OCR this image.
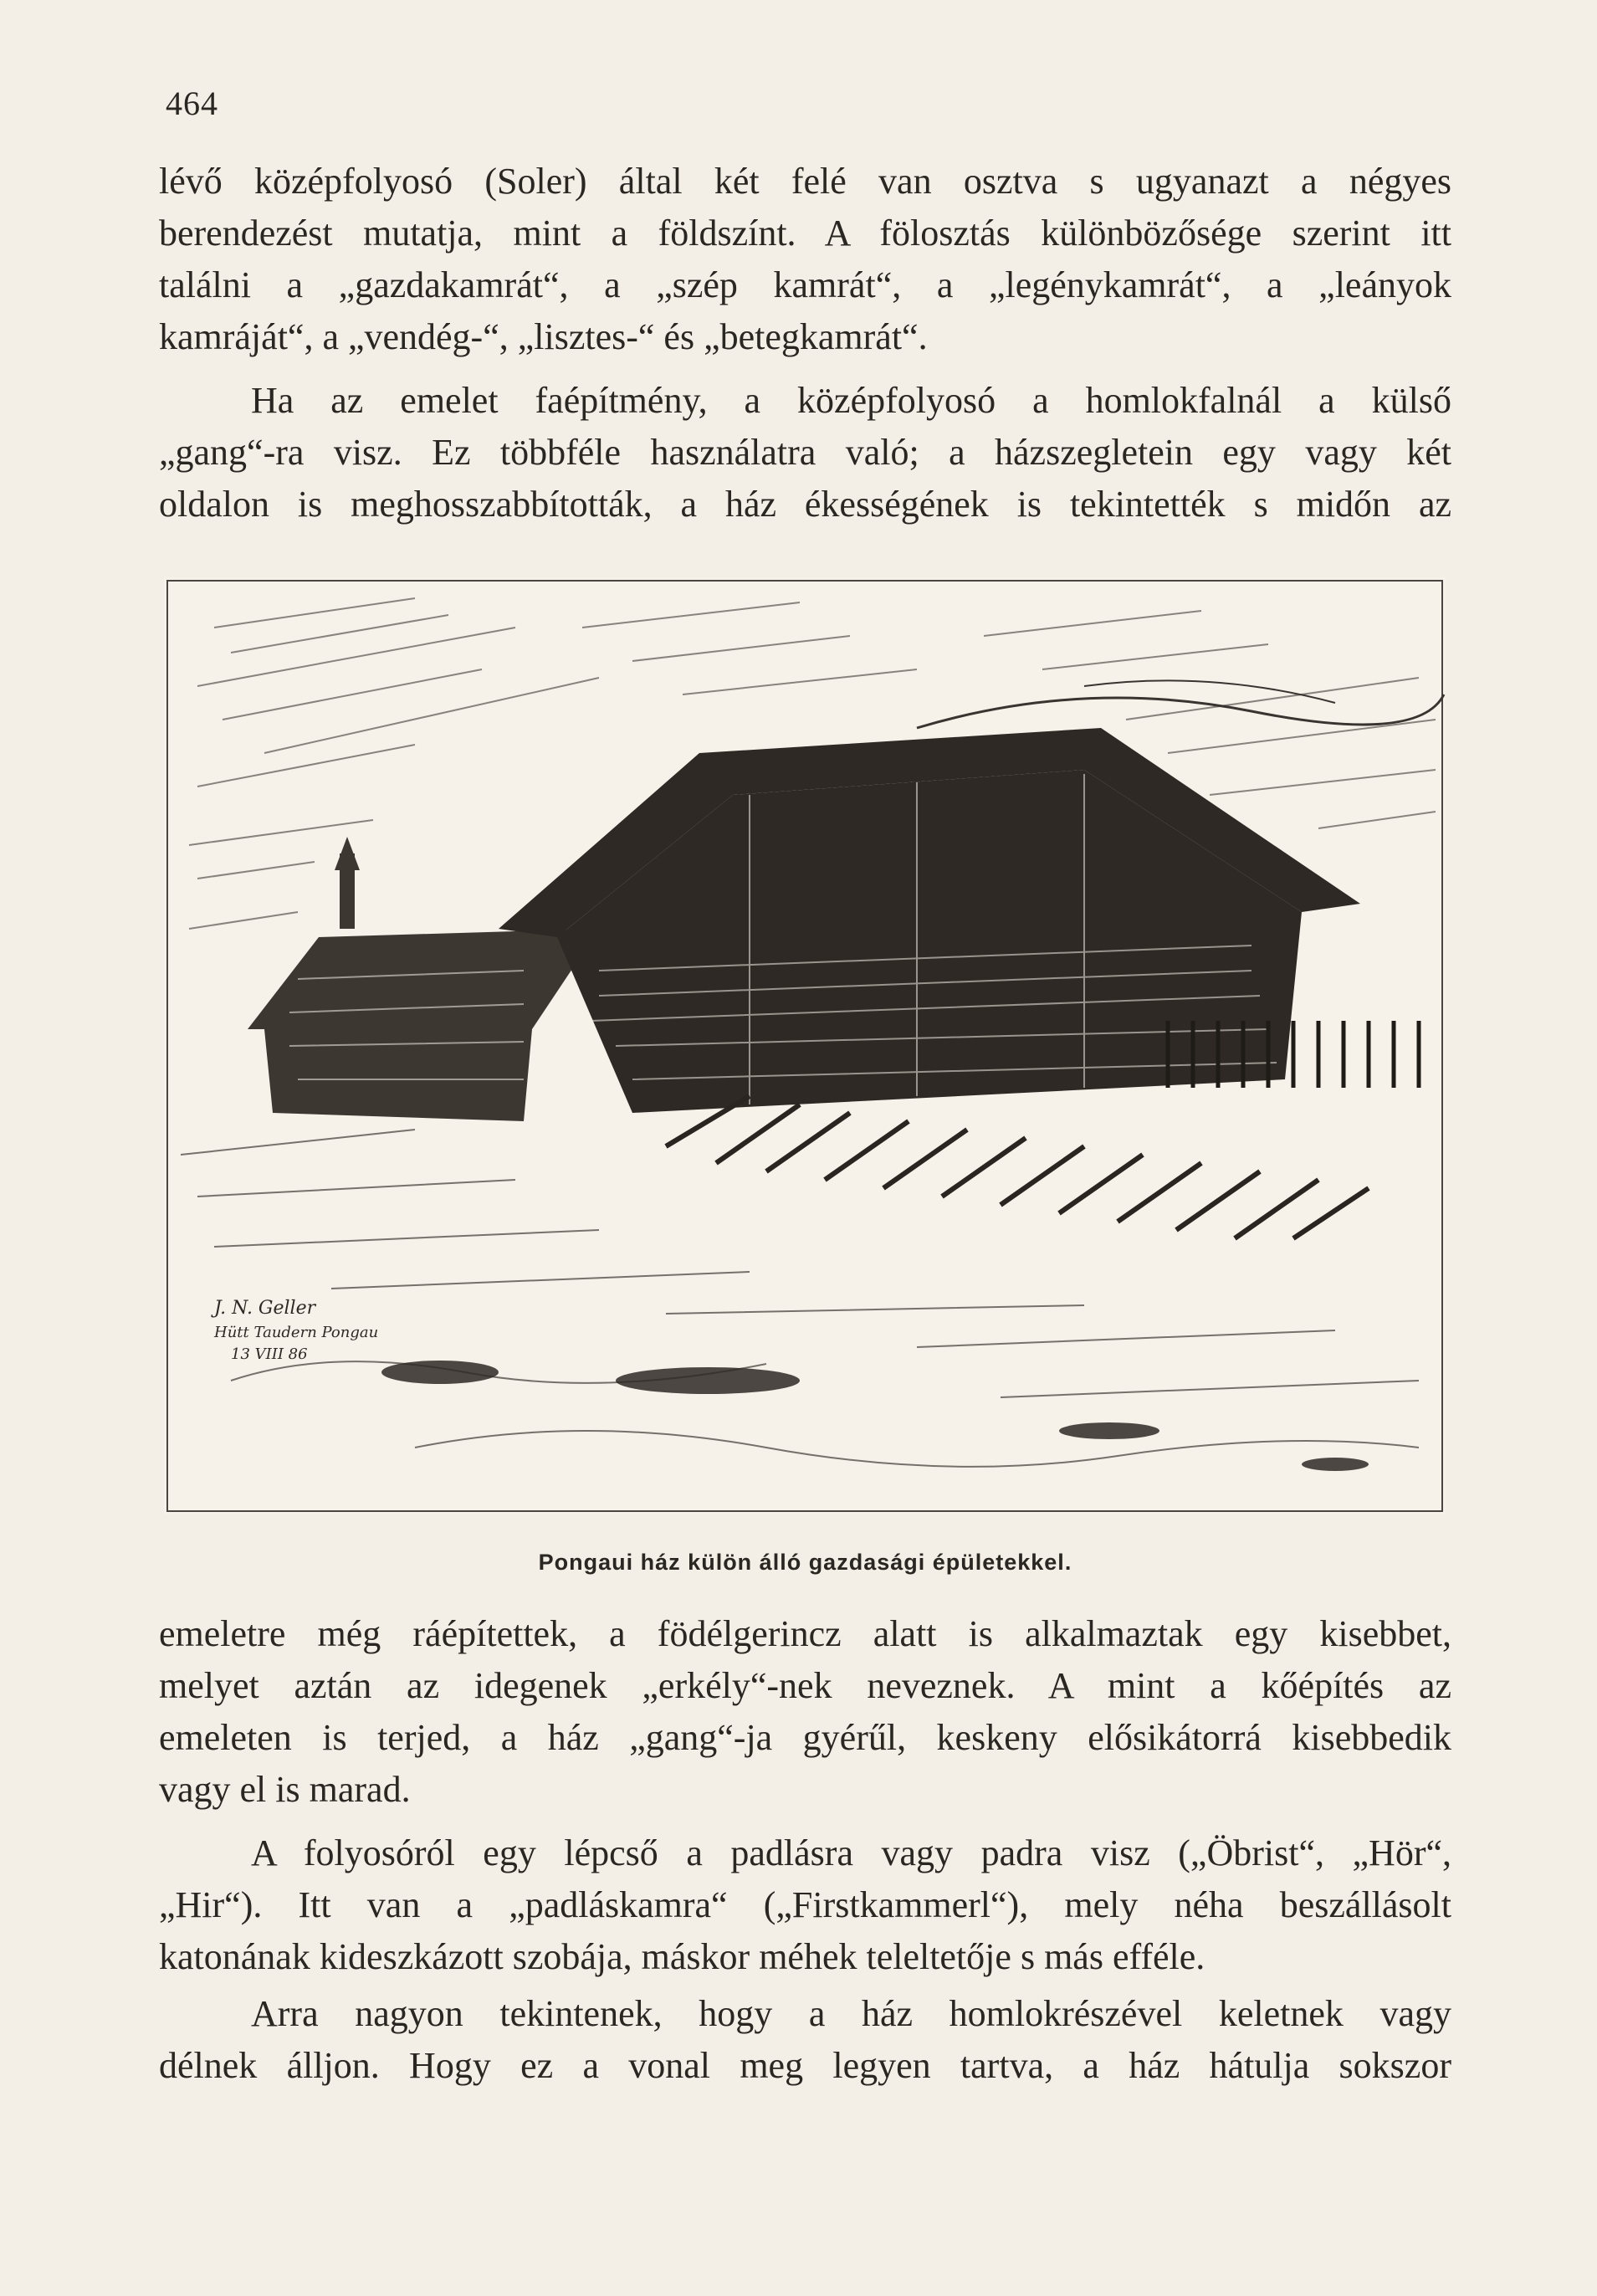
464

lévő középfolyosó (Soler) által két felé van osztva s ugyanazt a négyes
berendezést mutatja, mint a földszínt. A fölosztás különbözősége szerint itt
találni a „gazdakamrát“, a „szép kamrát“, a „legénykamrát“, a „leányok
kamráját“, a „vendég-“, „lisztes-“ és „betegkamrát“.

Ha az emelet faépítmény, a középfolyosó a homlokfalnál a külső
„gang“-ra visz. Ez többféle használatra való; a házszegletein egy vagy két
oldalon is meghosszabbították, a ház ékességének is tekintették s midőn az

J. N. Geller
Hütt Taudern Pongau
13 VIII 86
Pongaui ház külön álló gazdasági épületekkel.

emeletre még ráépítettek, a födélgerincz alatt is alkalmaztak egy kisebbet,
melyet aztán az idegenek „erkély“-nek neveznek. A mint a kőépítés az
emeleten is terjed, a ház „gang“-ja gyérűl, keskeny elősikátorrá kisebbedik
vagy el is marad.

A folyosóról egy lépcső a padlásra vagy padra visz („Öbrist“, „Hör“,
„Hir“). Itt van a „padláskamra“ („Firstkammerl“), mely néha beszállásolt
katonának kideszkázott szobája, máskor méhek teleltetője s más efféle.

Arra nagyon tekintenek, hogy a ház homlokrészével keletnek vagy
délnek álljon. Hogy ez a vonal meg legyen tartva, a ház hátulja sokszor
